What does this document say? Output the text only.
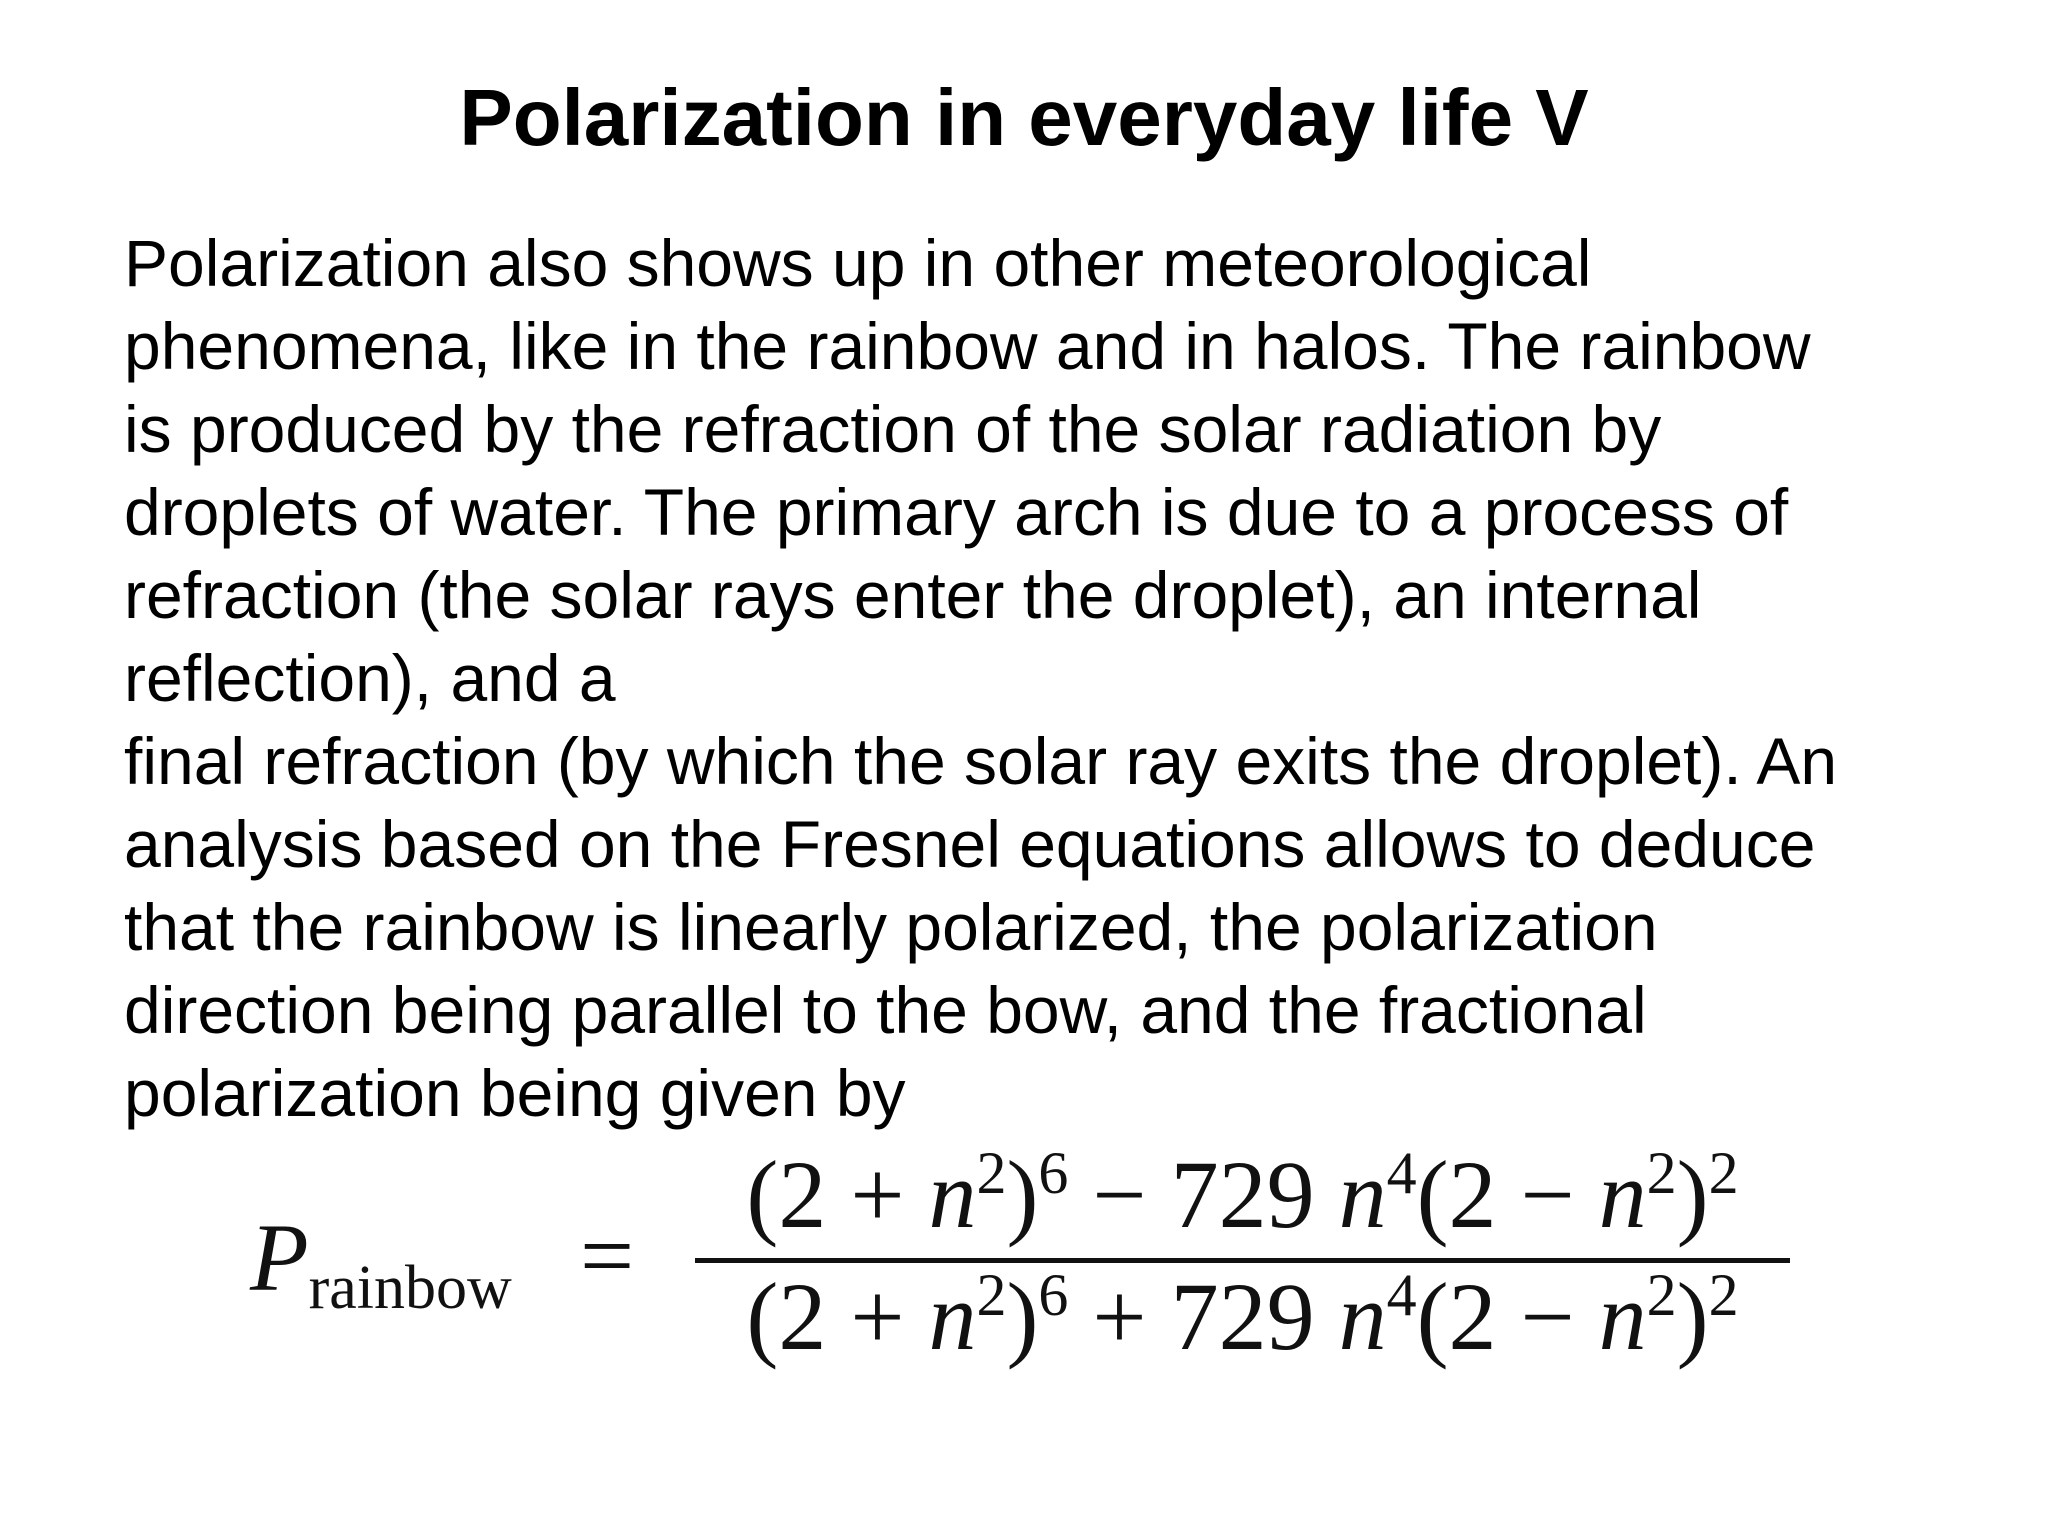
Polarization in everyday life V
Polarization also shows up in other meteorological
phenomena, like in the rainbow and in halos. The rainbow
is produced by the refraction of the solar radiation by
droplets of water. The primary arch is due to a process of
refraction (the solar rays enter the droplet), an internal
reflection), and a
final refraction (by which the solar ray exits the droplet). An
analysis based on the Fresnel equations allows to deduce
that the rainbow is linearly polarized, the polarization
direction being parallel to the bow, and the fractional
polarization being given by
Prainbow =
$(2 + n^2)^6 - 729$ $n^4(2 - n^2)^2$
$(2 + n^2)^6 + 729$ $n^4(2 - n^2)^2$
